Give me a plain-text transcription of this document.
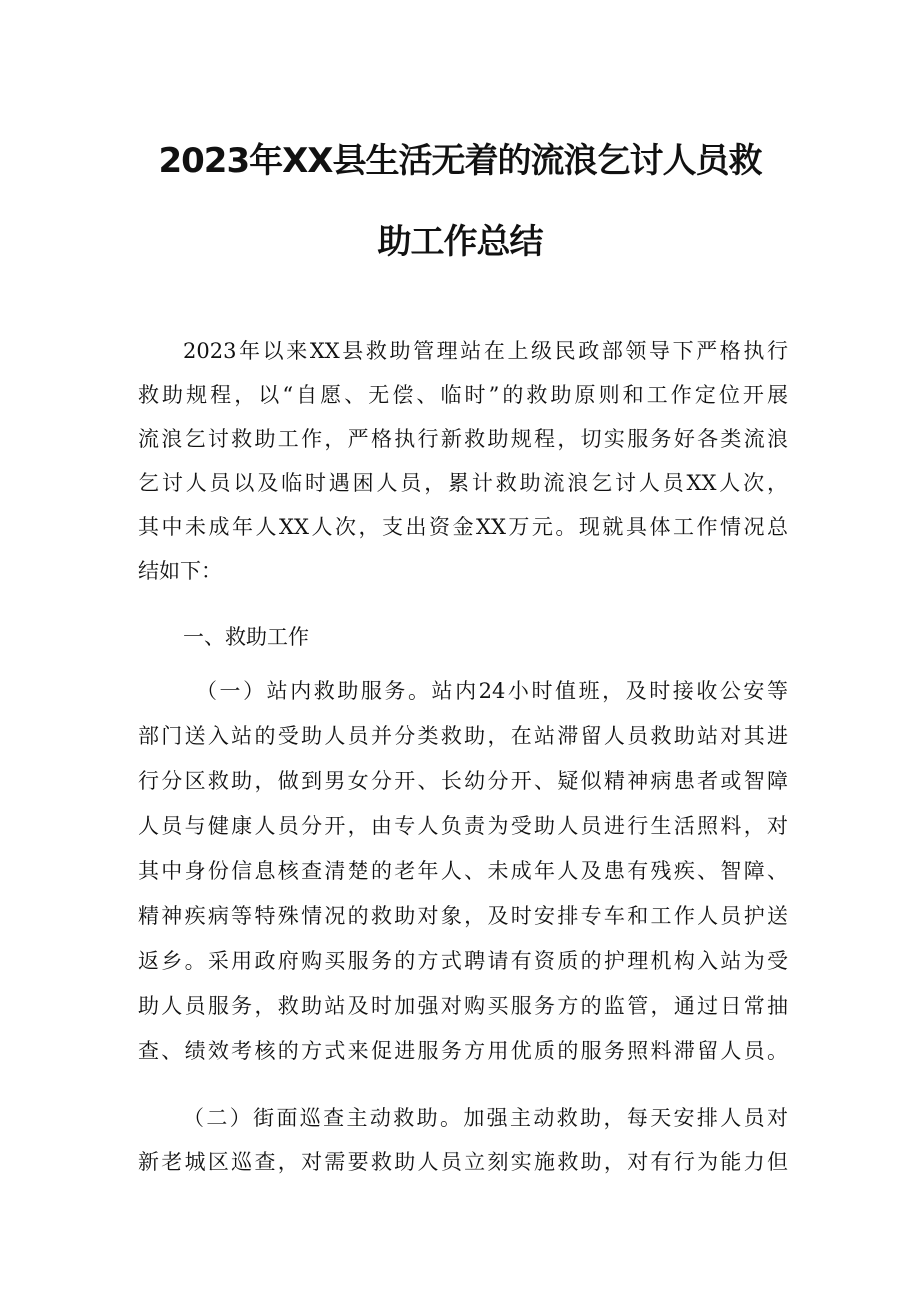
2023年XX县生活无着的流浪乞讨人员救
助工作总结
2023年以来XX县救助管理站在上级民政部领导下严格执行
救助规程，以“自愿、无偿、临时”的救助原则和工作定位开展
流浪乞讨救助工作，严格执行新救助规程，切实服务好各类流浪
乞讨人员以及临时遇困人员，累计救助流浪乞讨人员XX人次，
其中未成年人XX人次，支出资金XX万元。现就具体工作情况总
结如下：
一、救助工作
（一）站内救助服务。站内24小时值班，及时接收公安等
部门送入站的受助人员并分类救助，在站滞留人员救助站对其进
行分区救助，做到男女分开、长幼分开、疑似精神病患者或智障
人员与健康人员分开，由专人负责为受助人员进行生活照料，对
其中身份信息核查清楚的老年人、未成年人及患有残疾、智障、
精神疾病等特殊情况的救助对象，及时安排专车和工作人员护送
返乡。采用政府购买服务的方式聘请有资质的护理机构入站为受
助人员服务，救助站及时加强对购买服务方的监管，通过日常抽
查、绩效考核的方式来促进服务方用优质的服务照料滞留人员。
（二）街面巡查主动救助。加强主动救助，每天安排人员对
新老城区巡查，对需要救助人员立刻实施救助，对有行为能力但
